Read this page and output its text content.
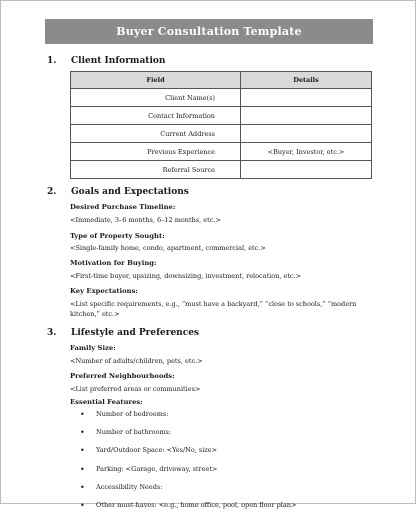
Buyer Consultation Template
1. Client Information
Field	Details
Client Name(s)	
Contact Information	
Current Address	
Previous Experience	<Buyer, Investor, etc.>
Referral Source	
2. Goals and Expectations
Desired Purchase Timeline:
<Immediate, 3–6 months, 6–12 months, etc.>
Type of Property Sought:
<Single-family home, condo, apartment, commercial, etc.>
Motivation for Buying:
<First-time buyer, upsizing, downsizing, investment, relocation, etc.>
Key Expectations:
<List specific requirements, e.g., “must have a backyard,” “close to schools,” “modern kitchen,” etc.>
3. Lifestyle and Preferences
Family Size:
<Number of adults/children, pets, etc.>
Preferred Neighbourhoods:
<List preferred areas or communities>
Essential Features:
• Number of bedrooms:
• Number of bathrooms:
• Yard/Outdoor Space: <Yes/No, size>
• Parking: <Garage, driveway, street>
• Accessibility Needs:
• Other must-haves: <e.g., home office, pool, open floor plan>
